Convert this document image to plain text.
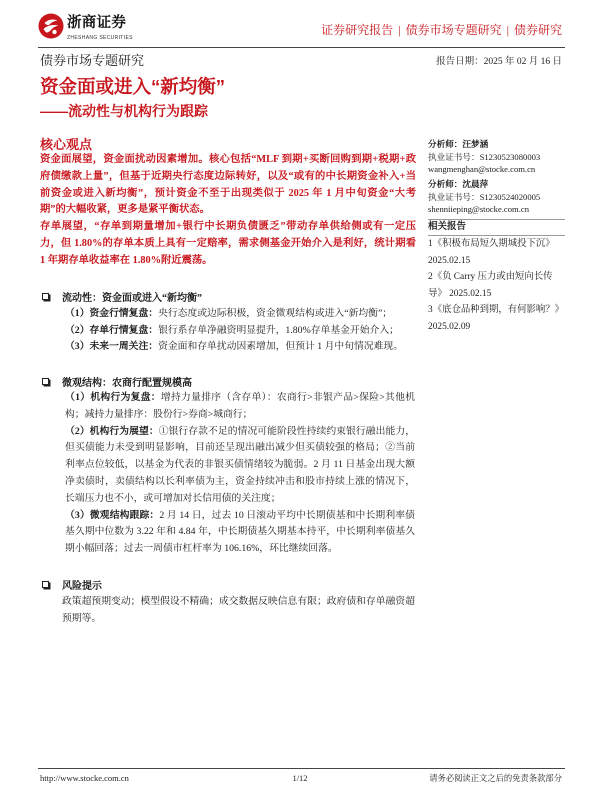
浙商证券
ZHESHANG SECURITIES
证券研究报告 | 债券市场专题研究 | 债券研究
债券市场专题研究	报告日期：2025 年 02 月 16 日
资金面或进入“新均衡”
——流动性与机构行为跟踪
核心观点

资金面展望，资金面扰动因素增加。核心包括“MLF 到期+买断回购到期+税期+政府债缴款上量”，但基于近期央行态度边际转好，以及“或有的中长期资金补入+当前资金或进入新均衡”，预计资金不至于出现类似于 2025 年 1 月中旬资金“大考期”的大幅收紧，更多是紧平衡状态。

存单展望，“存单到期量增加+银行中长期负债匮乏”带动存单供给侧或有一定压力，但 1.80%的存单本质上具有一定赔率，需求侧基金开始介入是利好，统计期看 1 年期存单收益率在 1.80%附近震荡。

流动性：资金面或进入“新均衡”
（1）资金行情复盘：央行态度或边际积极，资金微观结构或进入“新均衡”；
（2）存单行情复盘：银行系存单净融资明显提升，1.80%存单基金开始介入；
（3）未来一周关注：资金面和存单扰动因素增加，但预计 1 月中旬情况难现。
微观结构：农商行配置规模高
（1）机构行为复盘：增持力量排序（含存单）：农商行>非银产品>保险>其他机构；减持力量排序：股份行>券商>城商行；
（2）机构行为展望：①银行存款不足的情况可能阶段性持续约束银行融出能力，但买债能力未受到明显影响，目前还呈现出融出减少但买债较强的格局；②当前利率点位较低，以基金为代表的非银买债情绪较为脆弱。2 月 11 日基金出现大额净卖债时，卖债结构以长利率债为主，资金持续冲击和股市持续上涨的情况下，长端压力也不小，或可增加对长信用债的关注度；
（3）微观结构跟踪：2 月 14 日，过去 10 日滚动平均中长期债基和中长期利率债基久期中位数为 3.22 年和 4.84 年，中长期债基久期基本持平，中长期利率债基久期小幅回落；过去一周债市杠杆率为 106.16%，环比继续回落。
风险提示
政策超预期变动；模型假设不精确；成交数据反映信息有限；政府债和存单融资超预期等。
分析师：汪梦涵
执业证书号：S1230523080003
wangmenghan@stocke.com.cn
分析师：沈晨萍
执业证书号：S1230524020005
shenniieping@stocke.com.cn
相关报告
1《积极布局短久期城投下沉》 2025.02.15
2《负 Carry 压力或由短向长传导》 2025.02.15
3《底仓品种到期，有何影响？》 2025.02.09
http://www.stocke.com.cn	1/12	请务必阅读正文之后的免责条款部分
